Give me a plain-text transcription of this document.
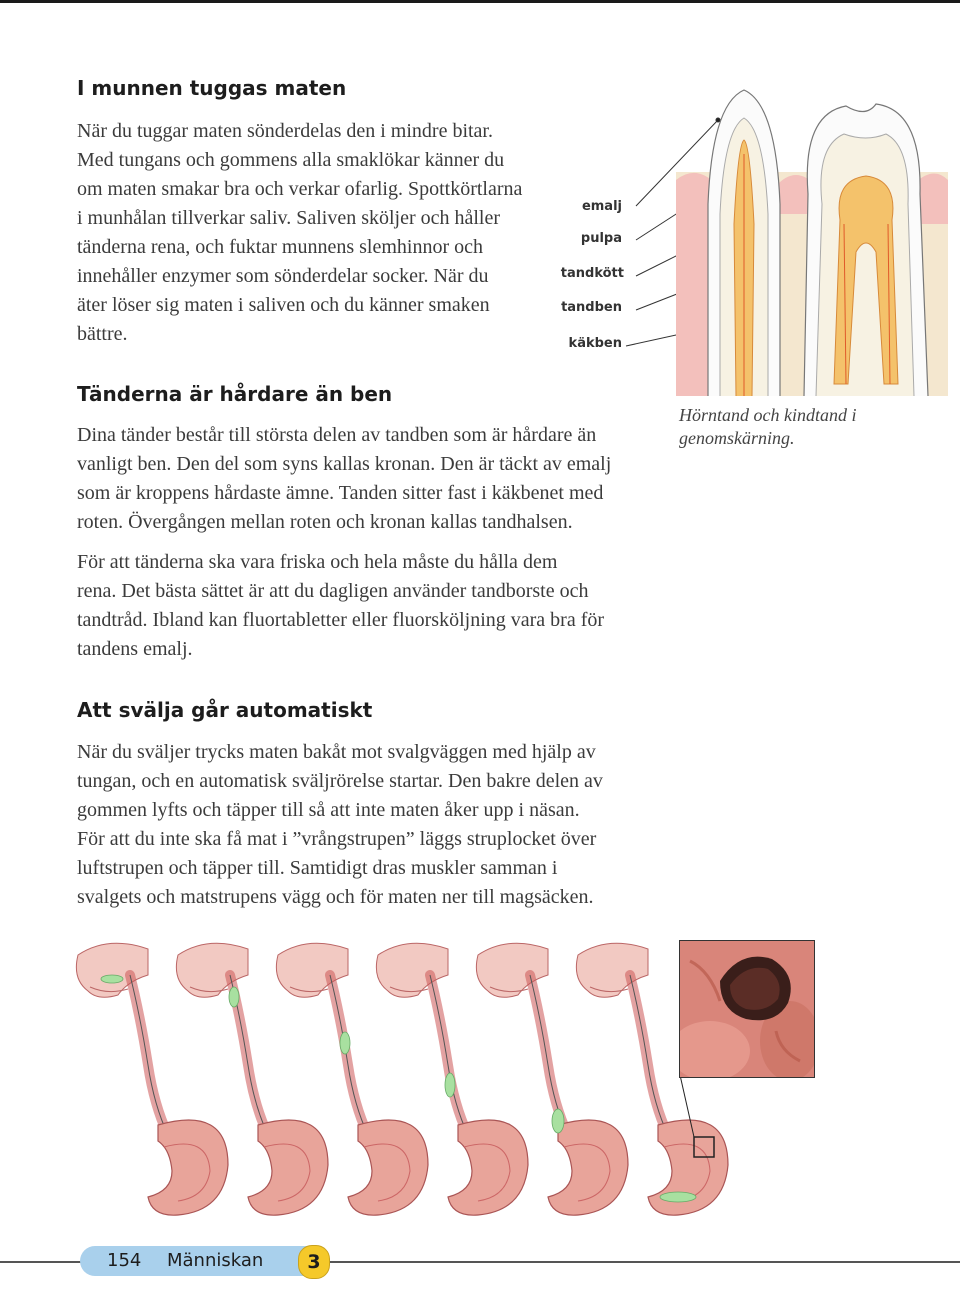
I munnen tuggas maten
När du tuggar maten sönderdelas den i mindre bitar.
Med tungans och gommens alla smaklökar känner du
om maten smakar bra och verkar ofarlig. Spottkörtlarna
i munhålan tillverkar saliv. Saliven sköljer och håller
tänderna rena, och fuktar munnens slemhinnor och
innehåller enzymer som sönderdelar socker. När du
äter löser sig maten i saliven och du känner smaken
bättre.
emalj
pulpa
tandkött
tandben
käkben
Hörntand och kindtand i genomskärning.
Tänderna är hårdare än ben
Dina tänder består till största delen av tandben som är hårdare än
vanligt ben. Den del som syns kallas kronan. Den är täckt av emalj
som är kroppens hårdaste ämne. Tanden sitter fast i käkbenet med
roten. Övergången mellan roten och kronan kallas tandhalsen.
För att tänderna ska vara friska och hela måste du hålla dem
rena. Det bästa sättet är att du dagligen använder tandborste och
tandtråd. Ibland kan fluortabletter eller fluorsköljning vara bra för
tandens emalj.
Att svälja går automatiskt
När du sväljer trycks maten bakåt mot svalgväggen med hjälp av
tungan, och en automatisk sväljrörelse startar. Den bakre delen av
gommen lyfts och täpper till så att inte maten åker upp i näsan.
För att du inte ska få mat i ”vrångstrupen” läggs struplocket över
luftstrupen och täpper till. Samtidigt dras muskler samman i
svalgets och matstrupens vägg och för maten ner till magsäcken.
154 Människan	3
